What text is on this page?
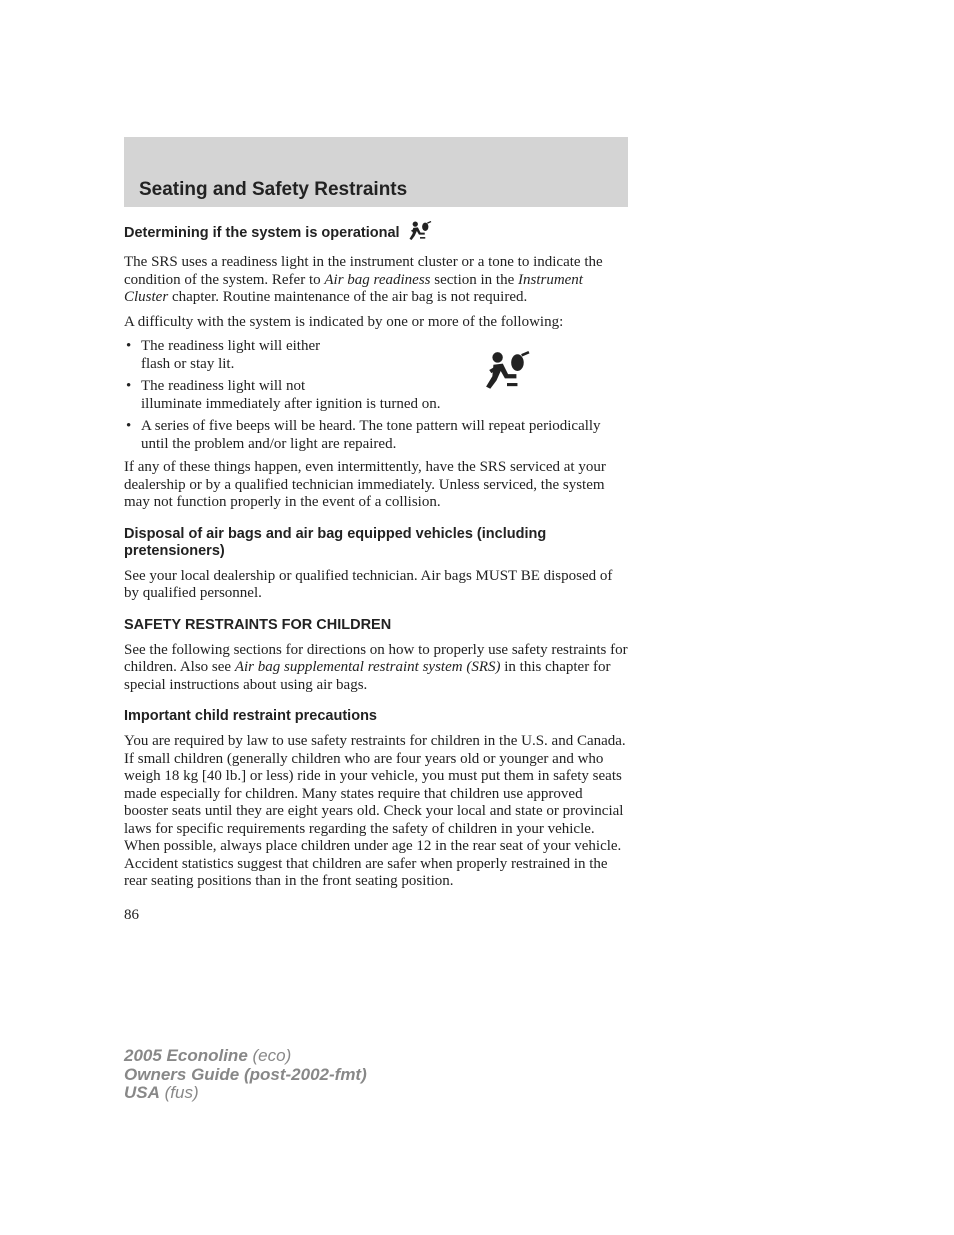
Seating and Safety Restraints
Determining if the system is operational

The SRS uses a readiness light in the instrument cluster or a tone to indicate the condition of the system. Refer to Air bag readiness section in the Instrument Cluster chapter. Routine maintenance of the air bag is not required.

A difficulty with the system is indicated by one or more of the following:

• The readiness light will either
flash or stay lit.
• The readiness light will not
illuminate immediately after ignition is turned on.
• A series of five beeps will be heard. The tone pattern will repeat periodically until the problem and/or light are repaired.

If any of these things happen, even intermittently, have the SRS serviced at your dealership or by a qualified technician immediately. Unless serviced, the system may not function properly in the event of a collision.

Disposal of air bags and air bag equipped vehicles (including pretensioners)

See your local dealership or qualified technician. Air bags MUST BE disposed of by qualified personnel.

SAFETY RESTRAINTS FOR CHILDREN

See the following sections for directions on how to properly use safety restraints for children. Also see Air bag supplemental restraint system (SRS) in this chapter for special instructions about using air bags.

Important child restraint precautions

You are required by law to use safety restraints for children in the U.S. and Canada. If small children (generally children who are four years old or younger and who weigh 18 kg [40 lb.] or less) ride in your vehicle, you must put them in safety seats made especially for children. Many states require that children use approved booster seats until they are eight years old. Check your local and state or provincial laws for specific requirements regarding the safety of children in your vehicle. When possible, always place children under age 12 in the rear seat of your vehicle. Accident statistics suggest that children are safer when properly restrained in the rear seating positions than in the front seating position.

86

2005 Econoline (eco)
Owners Guide (post-2002-fmt)
USA (fus)
